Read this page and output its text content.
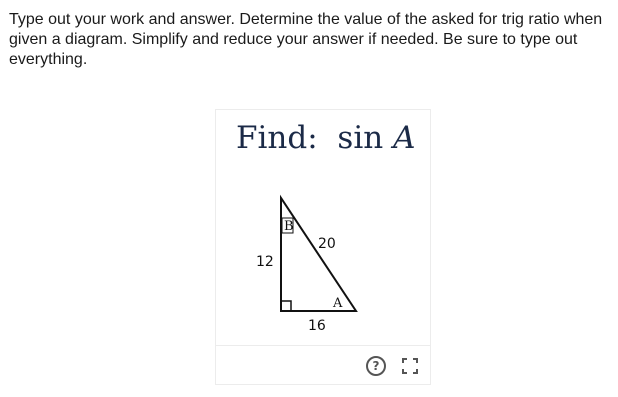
Type out your work and answer. Determine the value of the asked for trig ratio when given a diagram. Simplify and reduce your answer if needed. Be sure to type out everything.

Find: sin A
B
A
12
20
16
?
